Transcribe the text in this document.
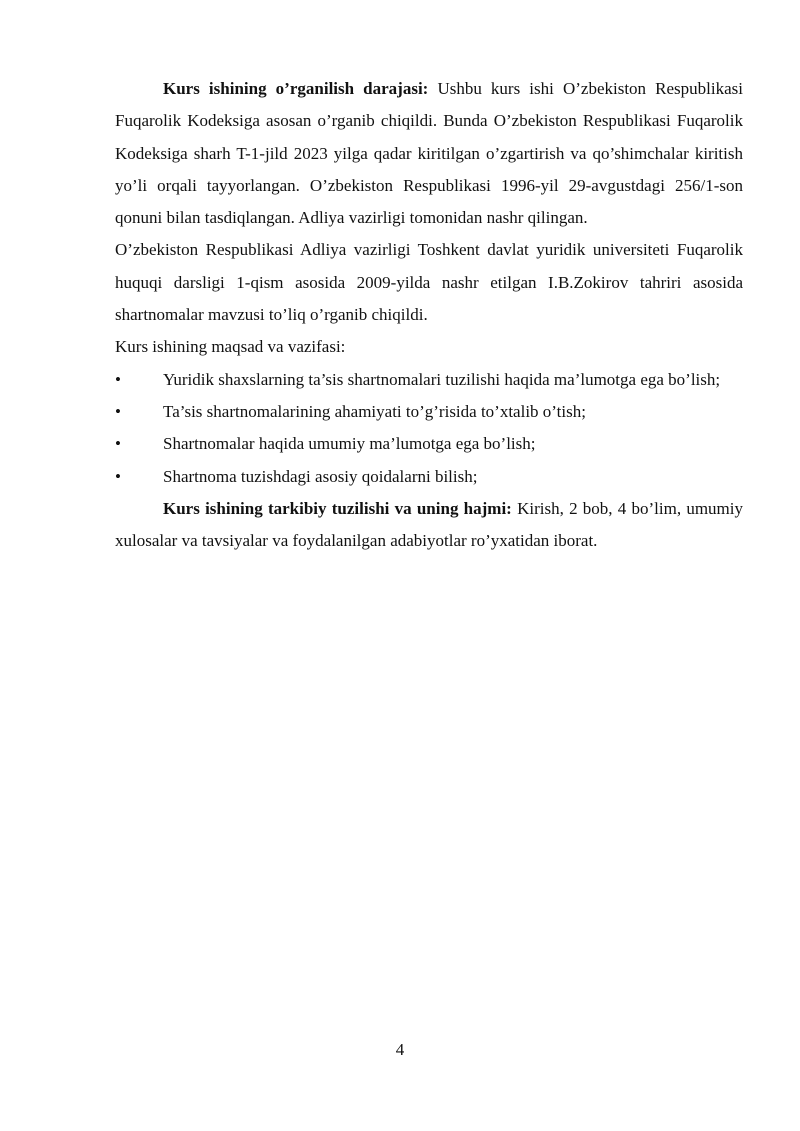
Kurs ishining o’rganilish darajasi: Ushbu kurs ishi O’zbekiston Respublikasi Fuqarolik Kodeksiga asosan o’rganib chiqildi. Bunda O’zbekiston Respublikasi Fuqarolik Kodeksiga sharh T-1-jild 2023 yilga qadar kiritilgan o’zgartirish va qo’shimchalar kiritish yo’li orqali tayyorlangan. O’zbekiston Respublikasi 1996-yil 29-avgustdagi 256/1-son qonuni bilan tasdiqlangan. Adliya vazirligi tomonidan nashr qilingan.

O’zbekiston Respublikasi Adliya vazirligi Toshkent davlat yuridik universiteti Fuqarolik huquqi darsligi 1-qism asosida 2009-yilda nashr etilgan I.B.Zokirov tahriri asosida shartnomalar mavzusi to’liq o’rganib chiqildi.

Kurs ishining maqsad va vazifasi:

• Yuridik shaxslarning ta’sis shartnomalari tuzilishi haqida ma’lumotga ega bo’lish;

• Ta’sis shartnomalarining ahamiyati to’g’risida to’xtalib o’tish;

• Shartnomalar haqida umumiy ma’lumotga ega bo’lish;

• Shartnoma tuzishdagi asosiy qoidalarni bilish;

Kurs ishining tarkibiy tuzilishi va uning hajmi: Kirish, 2 bob, 4 bo’lim, umumiy xulosalar va tavsiyalar va foydalanilgan adabiyotlar ro’yxatidan iborat.

4
